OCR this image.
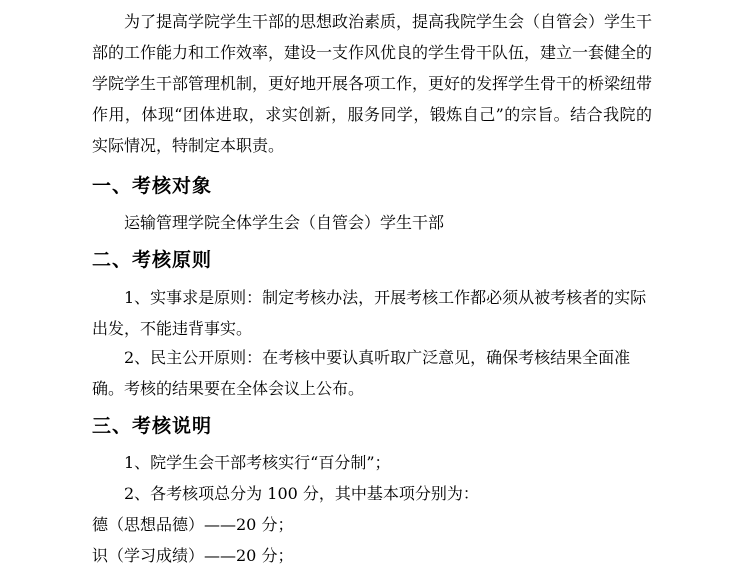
为了提高学院学生干部的思想政治素质，提高我院学生会（自管会）学生干部的工作能力和工作效率，建设一支作风优良的学生骨干队伍，建立一套健全的学院学生干部管理机制，更好地开展各项工作，更好的发挥学生骨干的桥梁纽带作用，体现“团体进取，求实创新，服务同学，锻炼自己”的宗旨。结合我院的实际情况，特制定本职责。
一、考核对象
运输管理学院全体学生会（自管会）学生干部
二、考核原则
1、实事求是原则：制定考核办法，开展考核工作都必须从被考核者的实际出发，不能违背事实。
2、民主公开原则：在考核中要认真听取广泛意见，确保考核结果全面准确。考核的结果要在全体会议上公布。
三、考核说明
1、院学生会干部考核实行“百分制”；
2、各考核项总分为 100 分，其中基本项分别为：
德（思想品德）——20 分；
识（学习成绩）——20 分；
